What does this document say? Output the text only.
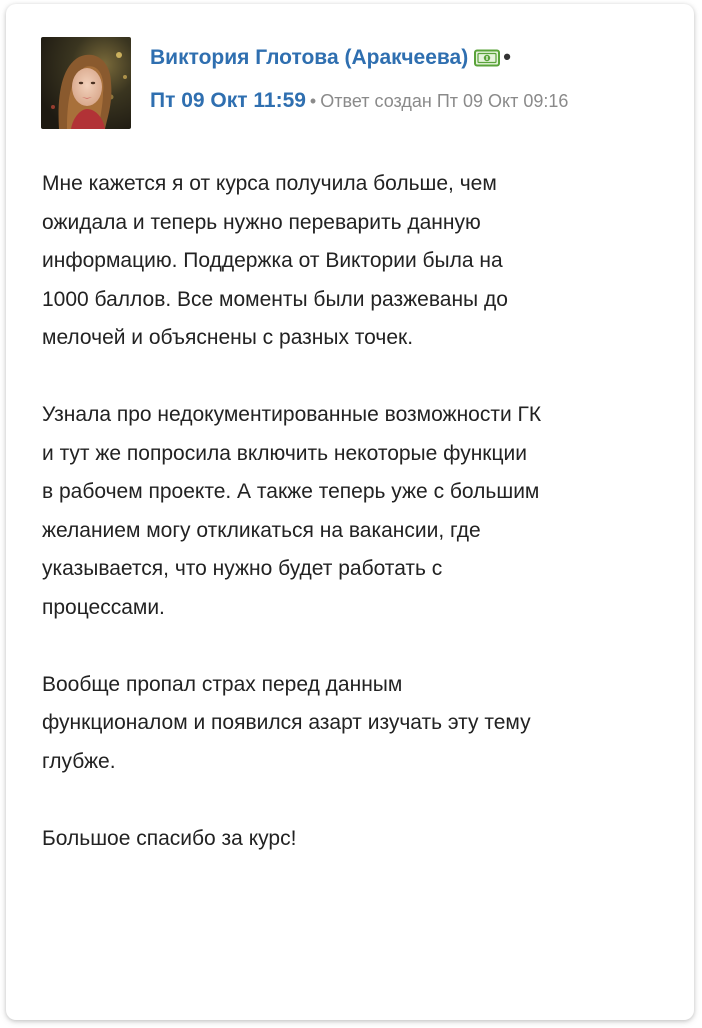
Виктория Глотова (Аракчеева) •
Пт 09 Окт 11:59 • Ответ создан Пт 09 Окт 09:16

Мне кажется я от курса получила больше, чем
ожидала и теперь нужно переварить данную
информацию. Поддержка от Виктории была на
1000 баллов. Все моменты были разжеваны до
мелочей и объяснены с разных точек.

Узнала про недокументированные возможности ГК
и тут же попросила включить некоторые функции
в рабочем проекте. А также теперь уже с большим
желанием могу откликаться на вакансии, где
указывается, что нужно будет работать с
процессами.

Вообще пропал страх перед данным
функционалом и появился азарт изучать эту тему
глубже.

Большое спасибо за курс!
